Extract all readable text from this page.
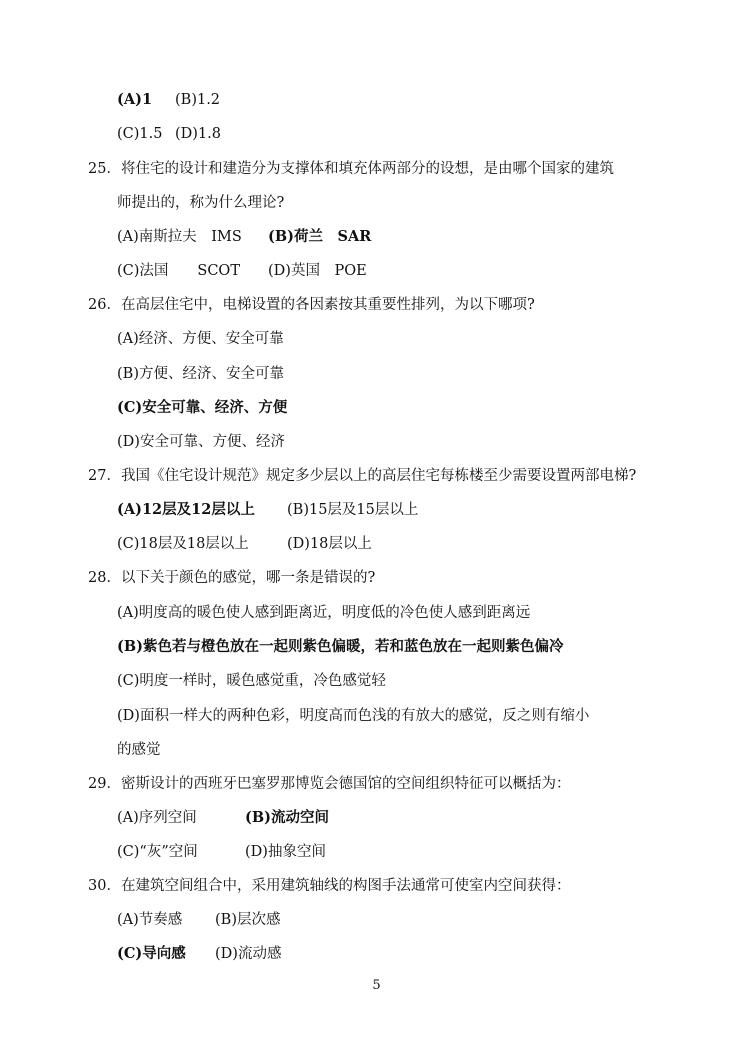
(A)1 (B)1.2
(C)1.5 (D)1.8
25．将住宅的设计和建造分为支撑体和填充体两部分的设想，是由哪个国家的建筑
师提出的，称为什么理论?
(A)南斯拉夫　IMS (B)荷兰　SAR
(C)法国　　SCOT (D)英国　POE
26．在高层住宅中，电梯设置的各因素按其重要性排列，为以下哪项?
(A)经济、方便、安全可靠
(B)方便、经济、安全可靠
(C)安全可靠、经济、方便
(D)安全可靠、方便、经济
27．我国《住宅设计规范》规定多少层以上的高层住宅每栋楼至少需要设置两部电梯?
(A)12层及12层以上 (B)15层及15层以上
(C)18层及18层以上	(D)18层以上
28．以下关于颜色的感觉，哪一条是错误的?
(A)明度高的暖色使人感到距离近，明度低的冷色使人感到距离远
(B)紫色若与橙色放在一起则紫色偏暖，若和蓝色放在一起则紫色偏冷
(C)明度一样时，暖色感觉重，冷色感觉轻
(D)面积一样大的两种色彩，明度高而色浅的有放大的感觉，反之则有缩小
的感觉
29．密斯设计的西班牙巴塞罗那博览会德国馆的空间组织特征可以概括为：
(A)序列空间	(B)流动空间
(C)“灰”空间	(D)抽象空间
30．在建筑空间组合中，采用建筑轴线的构图手法通常可使室内空间获得：
(A)节奏感 (B)层次感
(C)导向感 (D)流动感
5
